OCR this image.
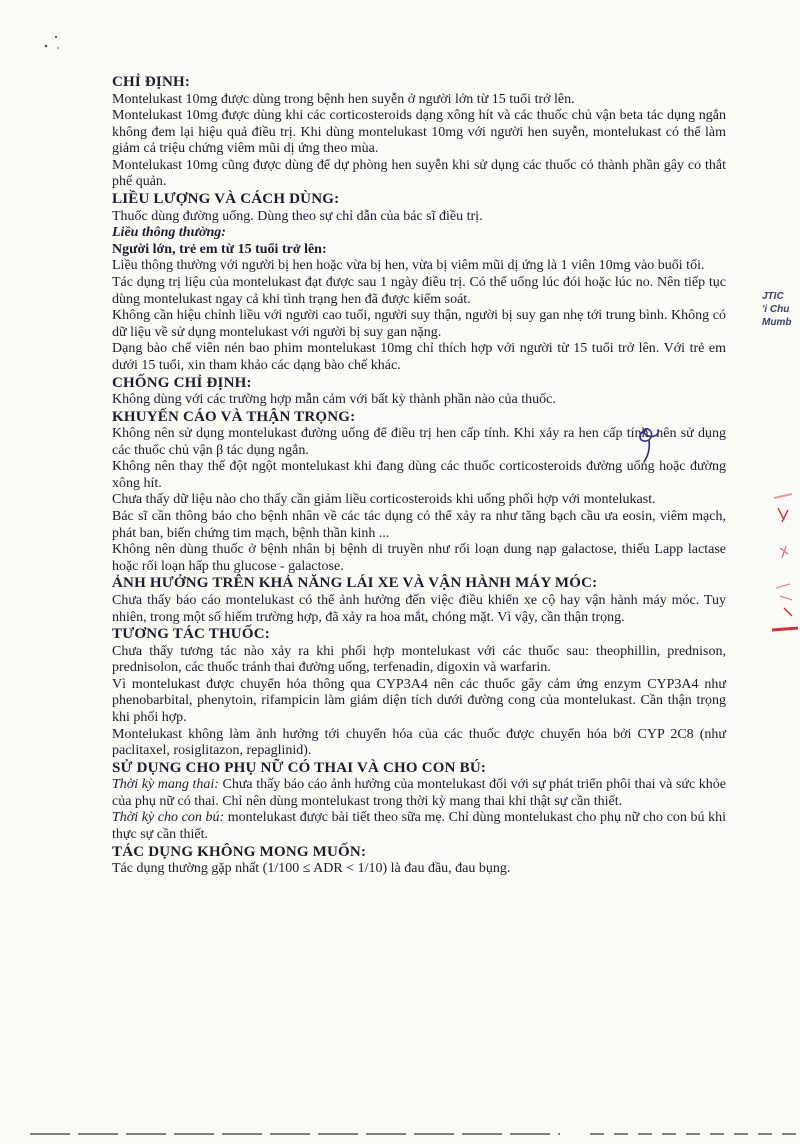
CHỈ ĐỊNH:

Montelukast 10mg được dùng trong bệnh hen suyễn ở người lớn từ 15 tuổi trở lên.

Montelukast 10mg được dùng khi các corticosteroids dạng xông hít và các thuốc chủ vận beta tác dụng ngắn không đem lại hiệu quả điều trị. Khi dùng montelukast 10mg với người hen suyễn, montelukast có thể làm giảm cả triệu chứng viêm mũi dị ứng theo mùa.

Montelukast 10mg cũng được dùng để dự phòng hen suyễn khi sử dụng các thuốc có thành phần gây co thắt phế quản.

LIỀU LƯỢNG VÀ CÁCH DÙNG:

Thuốc dùng đường uống. Dùng theo sự chỉ dẫn của bác sĩ điều trị.

Liều thông thường:

Người lớn, trẻ em từ 15 tuổi trở lên:

Liều thông thường với người bị hen hoặc vừa bị hen, vừa bị viêm mũi dị ứng là 1 viên 10mg vào buổi tối.

Tác dụng trị liệu của montelukast đạt được sau 1 ngày điều trị. Có thể uống lúc đói hoặc lúc no. Nên tiếp tục dùng montelukast ngay cả khi tình trạng hen đã được kiểm soát.

Không cần hiệu chỉnh liều với người cao tuổi, người suy thận, người bị suy gan nhẹ tới trung bình. Không có dữ liệu về sử dụng montelukast với người bị suy gan nặng.

Dạng bào chế viên nén bao phim montelukast 10mg chỉ thích hợp với người từ 15 tuổi trở lên. Với trẻ em dưới 15 tuổi, xin tham khảo các dạng bào chế khác.

CHỐNG CHỈ ĐỊNH:

Không dùng với các trường hợp mẫn cảm với bất kỳ thành phần nào của thuốc.

KHUYẾN CÁO VÀ THẬN TRỌNG:

Không nên sử dụng montelukast đường uống để điều trị hen cấp tính. Khi xảy ra hen cấp tính, nên sử dụng các thuốc chủ vận β tác dụng ngắn.

Không nên thay thế đột ngột montelukast khi đang dùng các thuốc corticosteroids đường uống hoặc đường xông hít.

Chưa thấy dữ liệu nào cho thấy cần giảm liều corticosteroids khi uống phối hợp với montelukast.

Bác sĩ cần thông báo cho bệnh nhân về các tác dụng có thể xảy ra như tăng bạch cầu ưa eosin, viêm mạch, phát ban, biến chứng tim mạch, bệnh thần kinh ...

Không nên dùng thuốc ở bệnh nhân bị bệnh di truyền như rối loạn dung nạp galactose, thiếu Lapp lactase hoặc rối loạn hấp thu glucose - galactose.

ẢNH HƯỞNG TRÊN KHẢ NĂNG LÁI XE VÀ VẬN HÀNH MÁY MÓC:

Chưa thấy báo cáo montelukast có thể ảnh hưởng đến việc điều khiển xe cộ hay vận hành máy móc. Tuy nhiên, trong một số hiếm trường hợp, đã xảy ra hoa mắt, chóng mặt. Vì vậy, cần thận trọng.

TƯƠNG TÁC THUỐC:

Chưa thấy tương tác nào xảy ra khi phối hợp montelukast với các thuốc sau: theophillin, prednison, prednisolon, các thuốc tránh thai đường uống, terfenadin, digoxin và warfarin.

Vì montelukast được chuyển hóa thông qua CYP3A4 nên các thuốc gây cảm ứng enzym CYP3A4 như phenobarbital, phenytoin, rifampicin làm giảm diện tích dưới đường cong của montelukast. Cần thận trọng khi phối hợp.

Montelukast không làm ảnh hưởng tới chuyển hóa của các thuốc được chuyển hóa bởi CYP 2C8 (như paclitaxel, rosiglitazon, repaglinid).

SỬ DỤNG CHO PHỤ NỮ CÓ THAI VÀ CHO CON BÚ:

Thời kỳ mang thai: Chưa thấy báo cáo ảnh hưởng của montelukast đối với sự phát triển phôi thai và sức khỏe của phụ nữ có thai. Chỉ nên dùng montelukast trong thời kỳ mang thai khi thật sự cần thiết.

Thời kỳ cho con bú: montelukast được bài tiết theo sữa mẹ. Chỉ dùng montelukast cho phụ nữ cho con bú khi thực sự cần thiết.

TÁC DỤNG KHÔNG MONG MUỐN:

Tác dụng thường gặp nhất (1/100 ≤ ADR < 1/10) là đau đầu, đau bụng.

JTIC
'i Chu
Mumb
